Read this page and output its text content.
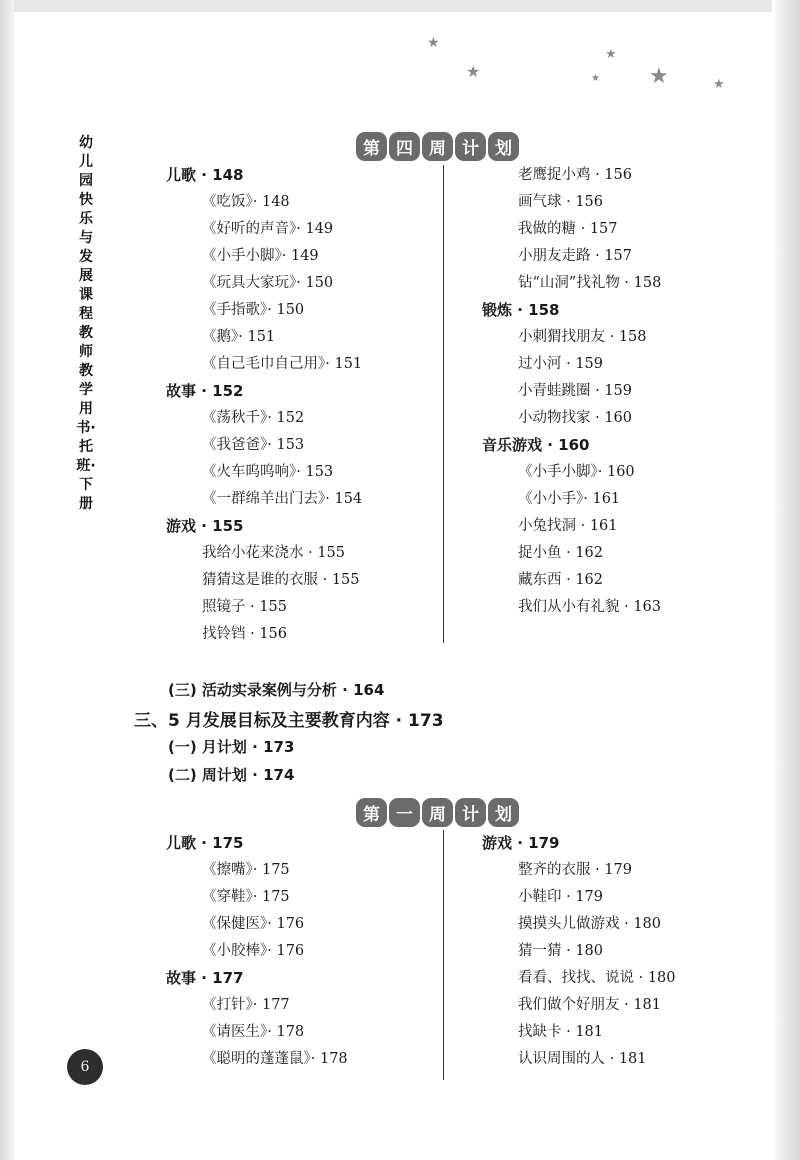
★
★
★
★ ★	★
幼儿园快乐与发展课程教师教学用书·托班·下册
第 四 周 计 划
儿歌 · 148
《吃饭》· 148
《好听的声音》· 149
《小手小脚》· 149
《玩具大家玩》· 150
《手指歌》· 150
《鹅》· 151
《自己毛巾自己用》· 151
故事 · 152
《荡秋千》· 152
《我爸爸》· 153
《火车呜呜响》· 153
《一群绵羊出门去》· 154
游戏 · 155
我给小花来浇水 · 155
猜猜这是谁的衣服 · 155
照镜子 · 155
找铃铛 · 156
老鹰捉小鸡 · 156
画气球 · 156
我做的糖 · 157
小朋友走路 · 157
钻“山洞”找礼物 · 158
锻炼 · 158
小刺猬找朋友 · 158
过小河 · 159
小青蛙跳圈 · 159
小动物找家 · 160
音乐游戏 · 160
《小手小脚》· 160
《小小手》· 161
小兔找洞 · 161
捉小鱼 · 162
藏东西 · 162
我们从小有礼貌 · 163
(三) 活动实录案例与分析 · 164
三、5 月发展目标及主要教育内容 · 173
(一) 月计划 · 173
(二) 周计划 · 174
第 一 周 计 划
儿歌 · 175
《擦嘴》· 175
《穿鞋》· 175
《保健医》· 176
《小胶棒》· 176
故事 · 177
《打针》· 177
《请医生》· 178
《聪明的蓬蓬鼠》· 178
游戏 · 179
整齐的衣服 · 179
小鞋印 · 179
摸摸头儿做游戏 · 180
猜一猜 · 180
看看、找找、说说 · 180
我们做个好朋友 · 181
找缺卡 · 181
认识周围的人 · 181
6
